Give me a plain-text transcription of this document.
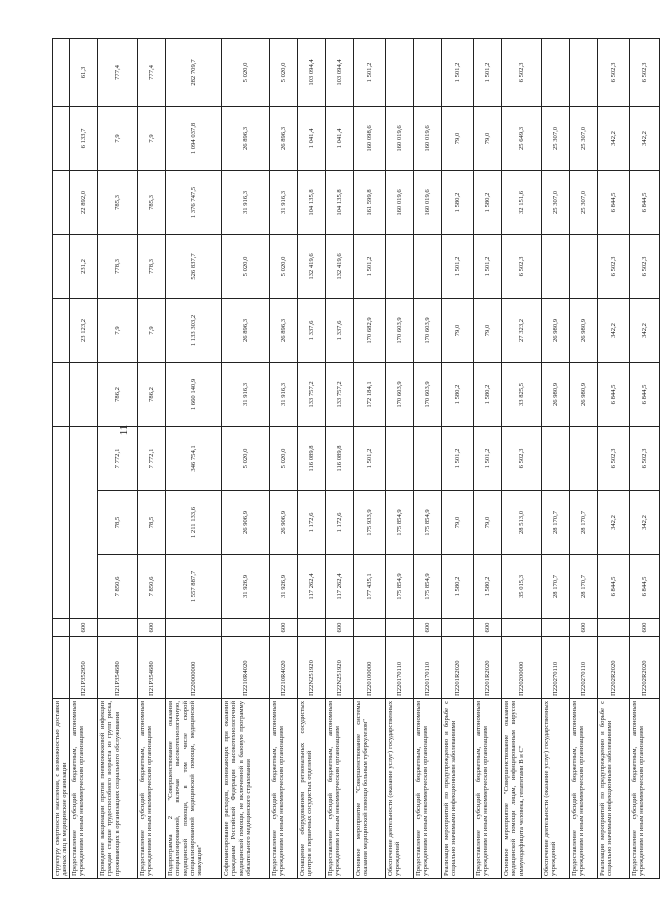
11
структуру смертности населения, с возможностью доставки данных лиц в медицинские организации												
Предоставление субсидий бюджетным, автономным учреждениям и иным некоммерческим организациям	П21Р352950	600					23 123,2	231,2	22 892,0	6 133,7	61,3	
Проведение вакцинации против пневмококковой инфекции граждан старше трудоспособного возраста из групп риска, проживающих в организациях социального обслуживания	П21Р354680		7 850,6	78,5	7 772,1	786,2	7,9	778,3	785,3	7,9	777,4	
Предоставление субсидий бюджетным, автономным учреждениям и иным некоммерческим организациям	П21Р354680	600	7 850,6	78,5	7 772,1	786,2	7,9	778,3	785,3	7,9	777,4	
Подпрограмма 2 "Совершенствование оказания специализированной, включая высокотехнологичную, медицинской помощи, в том числе скорой специализированной медицинской помощи, медицинской эвакуации"	П220000000		1 557 887,7	1 211 133,6	346 754,1	1 660 140,9	1 133 303,2	526 837,7	1 376 747,5	1 094 037,8	282 709,7	
Софинансирование расходов, возникающих при оказании гражданам Российской Федерации высокотехнологичной медицинской помощи, не включенной в базовую программу обязательного медицинского страхования	П2210R4020		31 926,9	26 906,9	5 020,0	31 916,3	26 896,3	5 020,0	31 916,3	26 896,3	5 020,0	
Предоставление субсидий бюджетным, автономным учреждениям и иным некоммерческим организациям	П2210R4020	600	31 926,9	26 906,9	5 020,0	31 916,3	26 896,3	5 020,0	31 916,3	26 896,3	5 020,0	
Оснащение оборудованием региональных сосудистых центров и первичных сосудистых отделений	П22N251920		117 262,4	1 172,6	116 089,8	133 757,2	1 337,6	132 419,6	104 135,8	1 041,4	103 094,4	
Предоставление субсидий бюджетным, автономным учреждениям и иным некоммерческим организациям	П22N251920	600	117 262,4	1 172,6	116 089,8	133 757,2	1 337,6	132 419,6	104 135,8	1 041,4	103 094,4	
Основное мероприятие "Совершенствование системы оказания медицинской помощи больным туберкулезом"	П220100000		177 435,1	175 933,9	1 501,2	172 184,1	170 682,9	1 501,2	161 599,8	160 098,6	1 501,2	
Обеспечение деятельности (оказание услуг) государственных учреждений	П220170110		175 854,9	175 854,9		170 603,9	170 603,9		160 019,6	160 019,6		
Предоставление субсидий бюджетным, автономным учреждениям и иным некоммерческим организациям	П220170110	600	175 854,9	175 854,9		170 603,9	170 603,9		160 019,6	160 019,6		
Реализация мероприятий по предупреждению и борьбе с социально значимыми инфекционными заболеваниями	П2201R2020		1 580,2	79,0	1 501,2	1 580,2	79,0	1 501,2	1 580,2	79,0	1 501,2	
Предоставление субсидий бюджетным, автономным учреждениям и иным некоммерческим организациям	П2201R2020	600	1 580,2	79,0	1 501,2	1 580,2	79,0	1 501,2	1 580,2	79,0	1 501,2	
Основное мероприятие "Совершенствование оказания медицинской помощи лицам, инфицированным вирусом иммунодефицита человека, гепатитами B и C"	П220200000		35 015,3	28 513,0	6 502,3	33 825,5	27 323,2	6 502,3	32 151,6	25 649,3	6 502,3	
Обеспечение деятельности (оказание услуг) государственных учреждений	П220270110		28 170,7	28 170,7		26 980,9	26 980,9		25 307,0	25 307,0		
Предоставление субсидий бюджетным, автономным учреждениям и иным некоммерческим организациям	П220270110	600	28 170,7	28 170,7		26 980,9	26 980,9		25 307,0	25 307,0		
Реализация мероприятий по предупреждению и борьбе с социально значимыми инфекционными заболеваниями	П2202R2020		6 844,5	342,2	6 502,3	6 844,5	342,2	6 502,3	6 844,5	342,2	6 502,3	
Предоставление субсидий бюджетным, автономным учреждениям и иным некоммерческим организациям	П2202R2020	600	6 844,5	342,2	6 502,3	6 844,5	342,2	6 502,3	6 844,5	342,2	6 502,3	
